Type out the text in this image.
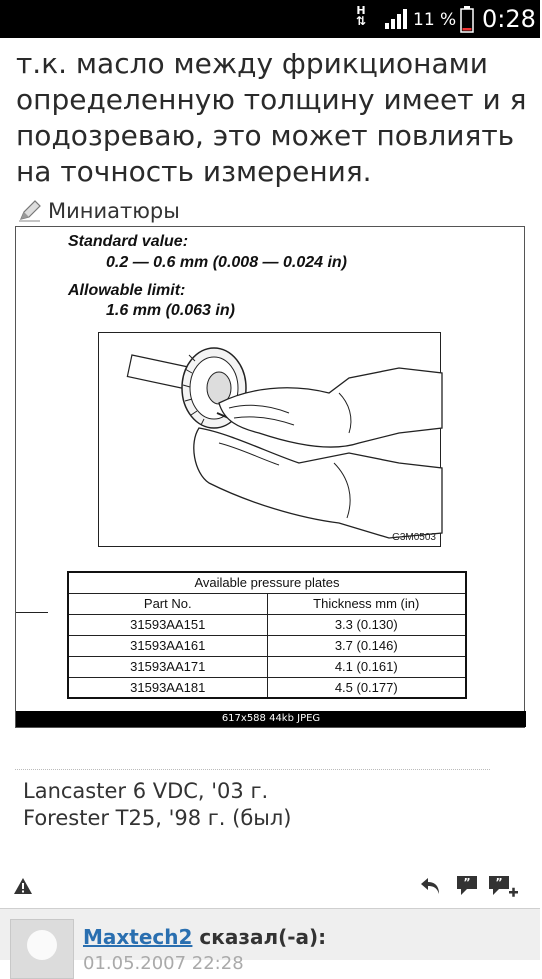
H
⇅	11 % 0:28
т.к. масло между фрикционами
определенную толщину имеет и я
подозреваю, это может повлиять
на точность измерения.
Миниатюры
Standard value:
0.2 — 0.6 mm (0.008 — 0.024 in)
Allowable limit:
1.6 mm (0.063 in)
G3M0503
Available pressure plates	
Part No.	Thickness mm (in)
31593AA151	3.3 (0.130)
31593AA161	3.7 (0.146)
31593AA171	4.1 (0.161)
31593AA181	4.5 (0.177)
617x588 44kb JPEG
Lancaster 6 VDC, '03 г.
Forester T25, '98 г. (был)
” ”
Maxtech2 сказал(-а):
01.05.2007 22:28
